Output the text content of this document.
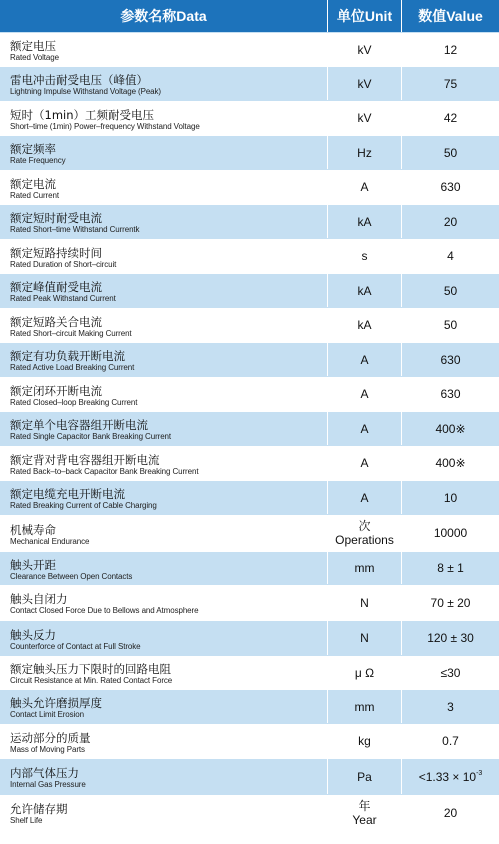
参数名称Data	单位Unit	数值Value
额定电压
Rated Voltage
kV	12
雷电冲击耐受电压（峰值）
Lightning Impulse Withstand Voltage (Peak)
kV	75
短时（1min）工频耐受电压
Short–time (1min) Power–frequency Withstand Voltage
kV	42
额定频率
Rate Frequency
Hz	50
额定电流
Rated Current
A	630
额定短时耐受电流
Rated Short–time Withstand Currentk
kA	20
额定短路持续时间
Rated Duration of Short–circuit
s	4
额定峰值耐受电流
Rated Peak Withstand Current
kA	50
额定短路关合电流
Rated Short–circuit Making Current
kA	50
额定有功负载开断电流
Rated Active Load Breaking Current
A	630
额定闭环开断电流
Rated Closed–loop Breaking Current
A	630
额定单个电容器组开断电流
Rated Single Capacitor Bank Breaking Current
A	400※
额定背对背电容器组开断电流
Rated Back–to–back Capacitor Bank Breaking Current
A	400※
额定电缆充电开断电流
Rated Breaking Current of Cable Charging
A	10
机械寿命
Mechanical Endurance
次
Operations	10000
触头开距
Clearance Between Open Contacts
mm	8 ± 1
触头自闭力
Contact Closed Force Due to Bellows and Atmosphere
N	70 ± 20
触头反力
Counterforce of Contact at Full Stroke
N	120 ± 30
额定触头压力下限时的回路电阻
Circuit Resistance at Min. Rated Contact Force
μ Ω	≤30
触头允许磨损厚度
Contact Limit Erosion
mm	3
运动部分的质量
Mass of Moving Parts
kg	0.7
内部气体压力
Internal Gas Pressure
Pa	$<1.33 \times 10^{-3}$
允许储存期
Shelf Life
年
Year	20
